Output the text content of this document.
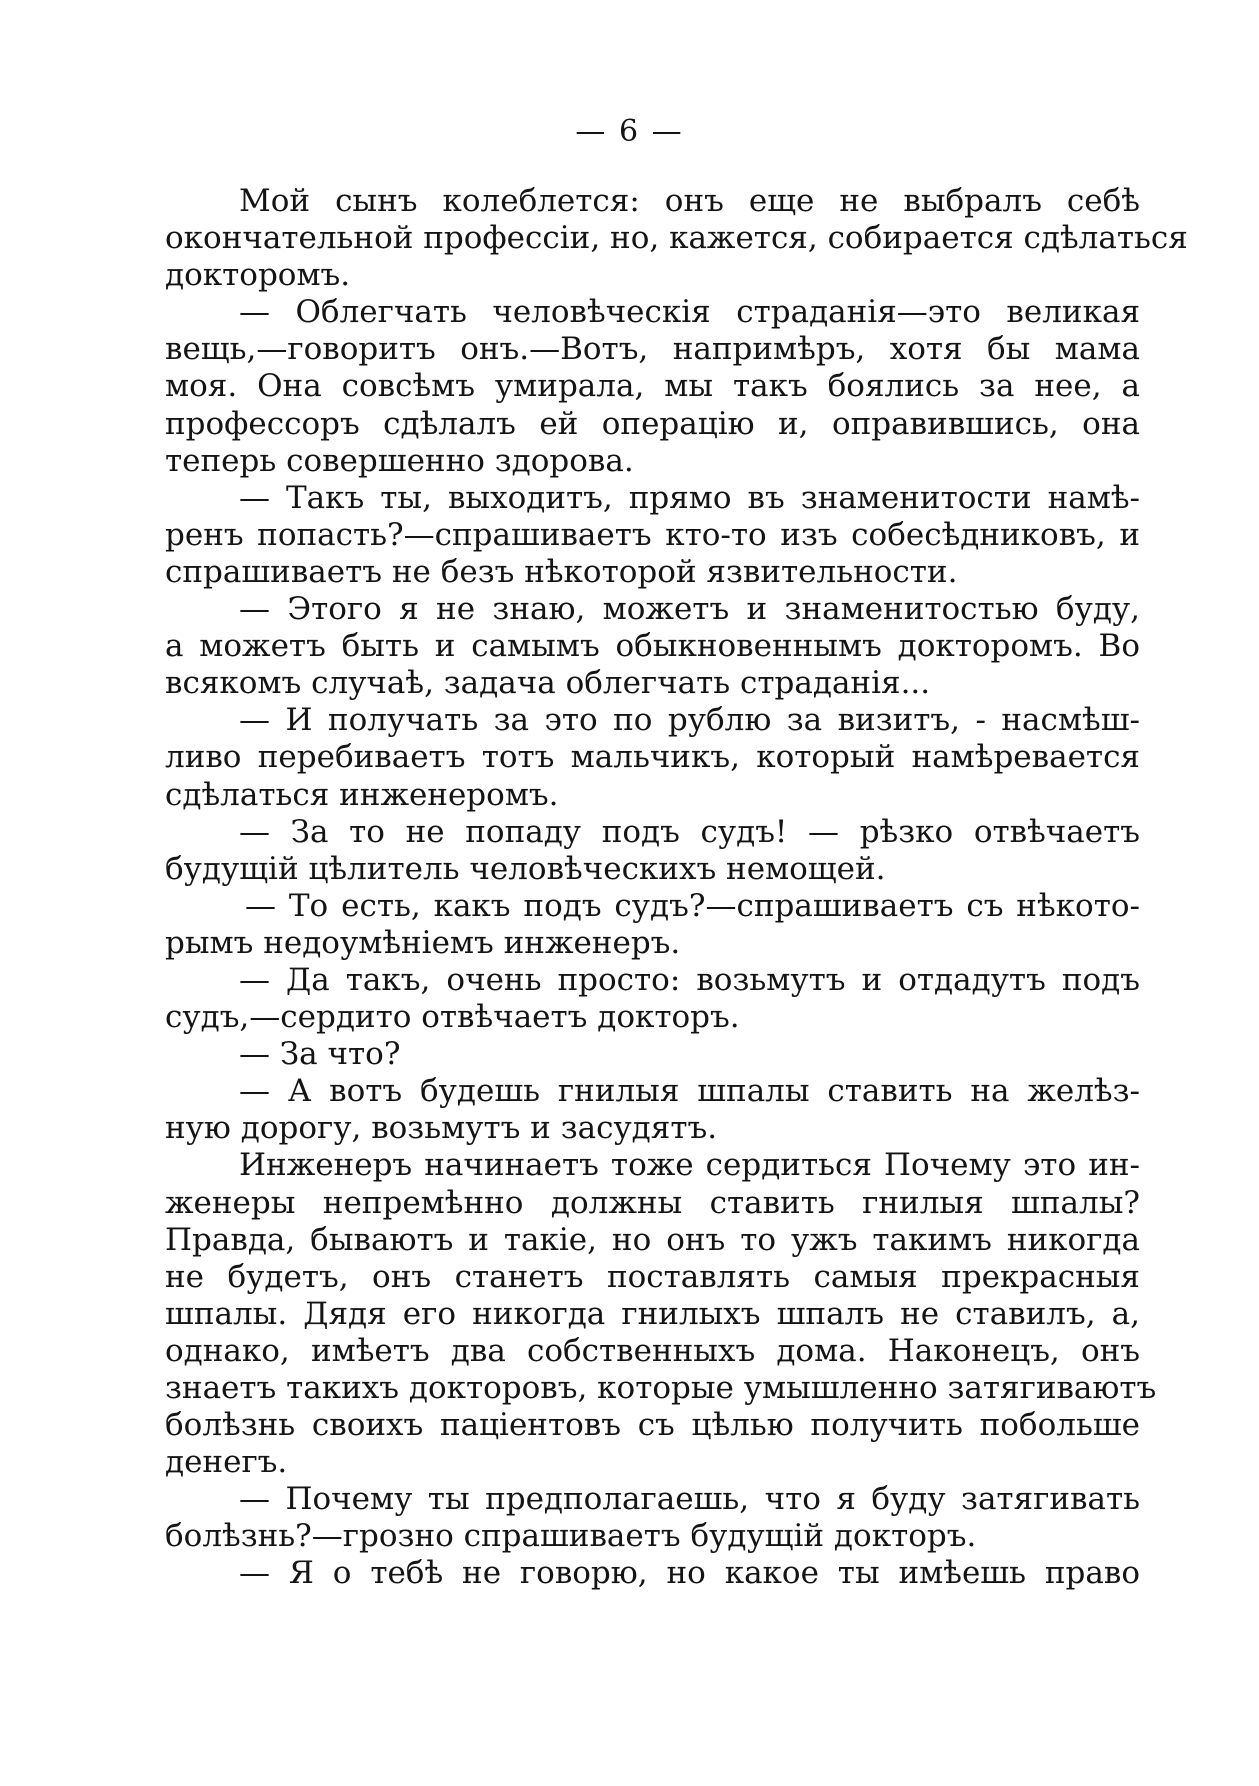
— 6 —
Мой сынъ колеблется: онъ еще не выбралъ себѣ
окончательной профессіи, но, кажется, собирается сдѣлаться
докторомъ.
— Облегчать человѣческія страданія—это великая
вещь,—говоритъ онъ.—Вотъ, напримѣръ, хотя бы мама
моя. Она совсѣмъ умирала, мы такъ боялись за нее, а
профессоръ сдѣлалъ ей операцію и, оправившись, она
теперь совершенно здорова.
— Такъ ты, выходитъ, прямо въ знаменитости намѣ-
ренъ попасть?—спрашиваетъ кто-то изъ собесѣдниковъ, и
спрашиваетъ не безъ нѣкоторой язвительности.
— Этого я не знаю, можетъ и знаменитостью буду,
а можетъ быть и самымъ обыкновеннымъ докторомъ. Во
всякомъ случаѣ, задача облегчать страданія...
— И получать за это по рублю за визитъ, - насмѣш-
ливо перебиваетъ тотъ мальчикъ, который намѣревается
сдѣлаться инженеромъ.
— За то не попаду подъ судъ! — рѣзко отвѣчаетъ
будущій цѣлитель человѣческихъ немощей.
— То есть, какъ подъ судъ?—спрашиваетъ съ нѣкото-
рымъ недоумѣніемъ инженеръ.
— Да такъ, очень просто: возьмутъ и отдадутъ подъ
судъ,—сердито отвѣчаетъ докторъ.
— За что?
— А вотъ будешь гнилыя шпалы ставить на желѣз-
ную дорогу, возьмутъ и засудятъ.
Инженеръ начинаетъ тоже сердиться Почему это ин-
женеры непремѣнно должны ставить гнилыя шпалы?
Правда, бываютъ и такіе, но онъ то ужъ такимъ никогда
не будетъ, онъ станетъ поставлять самыя прекрасныя
шпалы. Дядя его никогда гнилыхъ шпалъ не ставилъ, а,
однако, имѣетъ два собственныхъ дома. Наконецъ, онъ
знаетъ такихъ докторовъ, которые умышленно затягиваютъ
болѣзнь своихъ паціентовъ съ цѣлью получить побольше
денегъ.
— Почему ты предполагаешь, что я буду затягивать
болѣзнь?—грозно спрашиваетъ будущій докторъ.
— Я о тебѣ не говорю, но какое ты имѣешь право
